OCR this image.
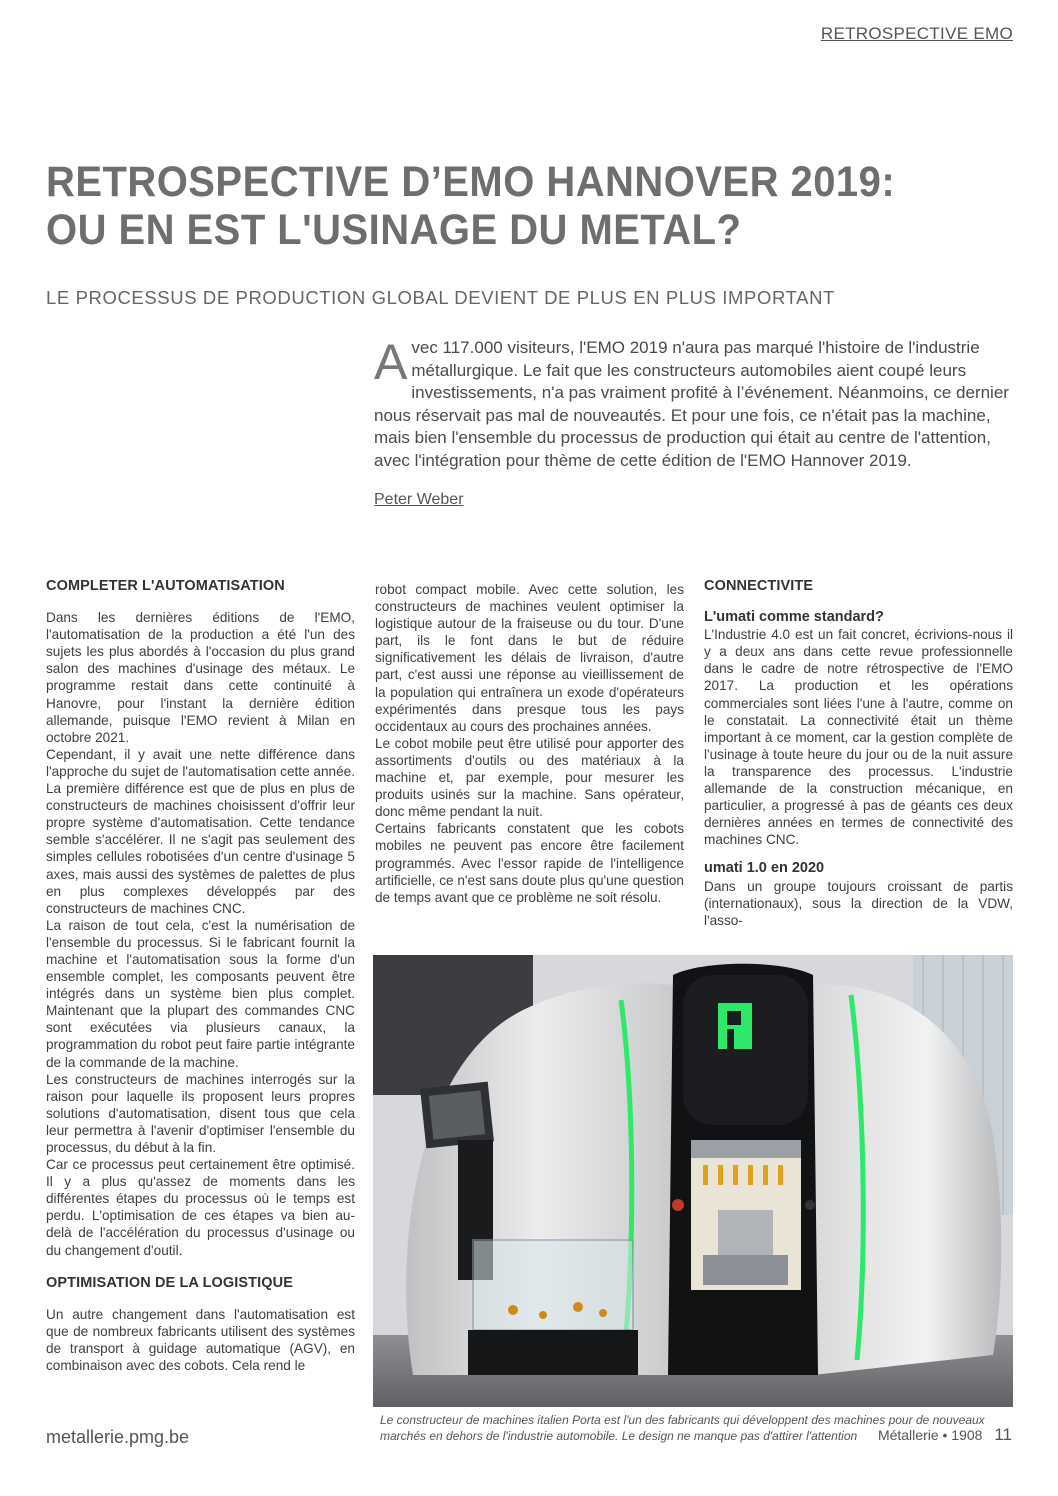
RETROSPECTIVE EMO
RETROSPECTIVE D’EMO HANNOVER 2019:
OU EN EST L'USINAGE DU METAL?
LE PROCESSUS DE PRODUCTION GLOBAL DEVIENT DE PLUS EN PLUS IMPORTANT
A vec 117.000 visiteurs, l'EMO 2019 n'aura pas marqué l'histoire de l'industrie métallurgique. Le fait que les constructeurs automobiles aient coupé leurs investissements, n'a pas vraiment profité à l’événement. Néanmoins, ce dernier nous réservait pas mal de nouveautés. Et pour une fois, ce n'était pas la machine, mais bien l'ensemble du processus de production qui était au centre de l'attention, avec l'intégration pour thème de cette édition de l'EMO Hannover 2019.
Peter Weber
COMPLETER L'AUTOMATISATION

Dans les dernières éditions de l'EMO, l'automatisation de la production a été l'un des sujets les plus abordés à l'occasion du plus grand salon des machines d'usinage des métaux. Le programme restait dans cette continuité à Hanovre, pour l'instant la dernière édition allemande, puisque l'EMO revient à Milan en octobre 2021.

Cependant, il y avait une nette différence dans l'approche du sujet de l'automatisation cette année. La première différence est que de plus en plus de constructeurs de machines choisissent d'offrir leur propre système d'automatisation. Cette tendance semble s'accélérer. Il ne s'agit pas seulement des simples cellules robotisées d'un centre d'usinage 5 axes, mais aussi des systèmes de palettes de plus en plus complexes développés par des constructeurs de machines CNC.

La raison de tout cela, c'est la numérisation de l'ensemble du processus. Si le fabricant fournit la machine et l'automatisation sous la forme d'un ensemble complet, les composants peuvent être intégrés dans un système bien plus complet. Maintenant que la plupart des commandes CNC sont exécutées via plusieurs canaux, la programmation du robot peut faire partie intégrante de la commande de la machine.

Les constructeurs de machines interrogés sur la raison pour laquelle ils proposent leurs propres solutions d'automatisation, disent tous que cela leur permettra à l'avenir d'optimiser l'ensemble du processus, du début à la fin.

Car ce processus peut certainement être optimisé. Il y a plus qu'assez de moments dans les différentes étapes du processus où le temps est perdu. L'optimisation de ces étapes va bien au-delà de l'accélération du processus d'usinage ou du changement d'outil.

OPTIMISATION DE LA LOGISTIQUE

Un autre changement dans l'automatisation est que de nombreux fabricants utilisent des systèmes de transport à guidage automatique (AGV), en combinaison avec des cobots. Cela rend le

robot compact mobile. Avec cette solution, les constructeurs de machines veulent optimiser la logistique autour de la fraiseuse ou du tour. D'une part, ils le font dans le but de réduire significativement les délais de livraison, d'autre part, c'est aussi une réponse au vieillissement de la population qui entraînera un exode d'opérateurs expérimentés dans presque tous les pays occidentaux au cours des prochaines années.

Le cobot mobile peut être utilisé pour apporter des assortiments d'outils ou des matériaux à la machine et, par exemple, pour mesurer les produits usinés sur la machine. Sans opérateur, donc même pendant la nuit.

Certains fabricants constatent que les cobots mobiles ne peuvent pas encore être facilement programmés. Avec l'essor rapide de l'intelligence artificielle, ce n'est sans doute plus qu'une question de temps avant que ce problème ne soit résolu.

CONNECTIVITE
L'umati comme standard?

L'Industrie 4.0 est un fait concret, écrivions-nous il y a deux ans dans cette revue professionnelle dans le cadre de notre rétrospective de l'EMO 2017. La production et les opérations commerciales sont liées l'une à l'autre, comme on le constatait. La connectivité était un thème important à ce moment, car la gestion complète de l'usinage à toute heure du jour ou de la nuit assure la transparence des processus. L'industrie allemande de la construction mécanique, en particulier, a progressé à pas de géants ces deux dernières années en termes de connectivité des machines CNC.

umati 1.0 en 2020

Dans un groupe toujours croissant de partis (internationaux), sous la direction de la VDW, l'asso-

Le constructeur de machines italien Porta est l'un des fabricants qui développent des machines pour de nouveaux marchés en dehors de l'industrie automobile. Le design ne manque pas d'attirer l'attention
metallerie.pmg.be	Métallerie • 1908 11
